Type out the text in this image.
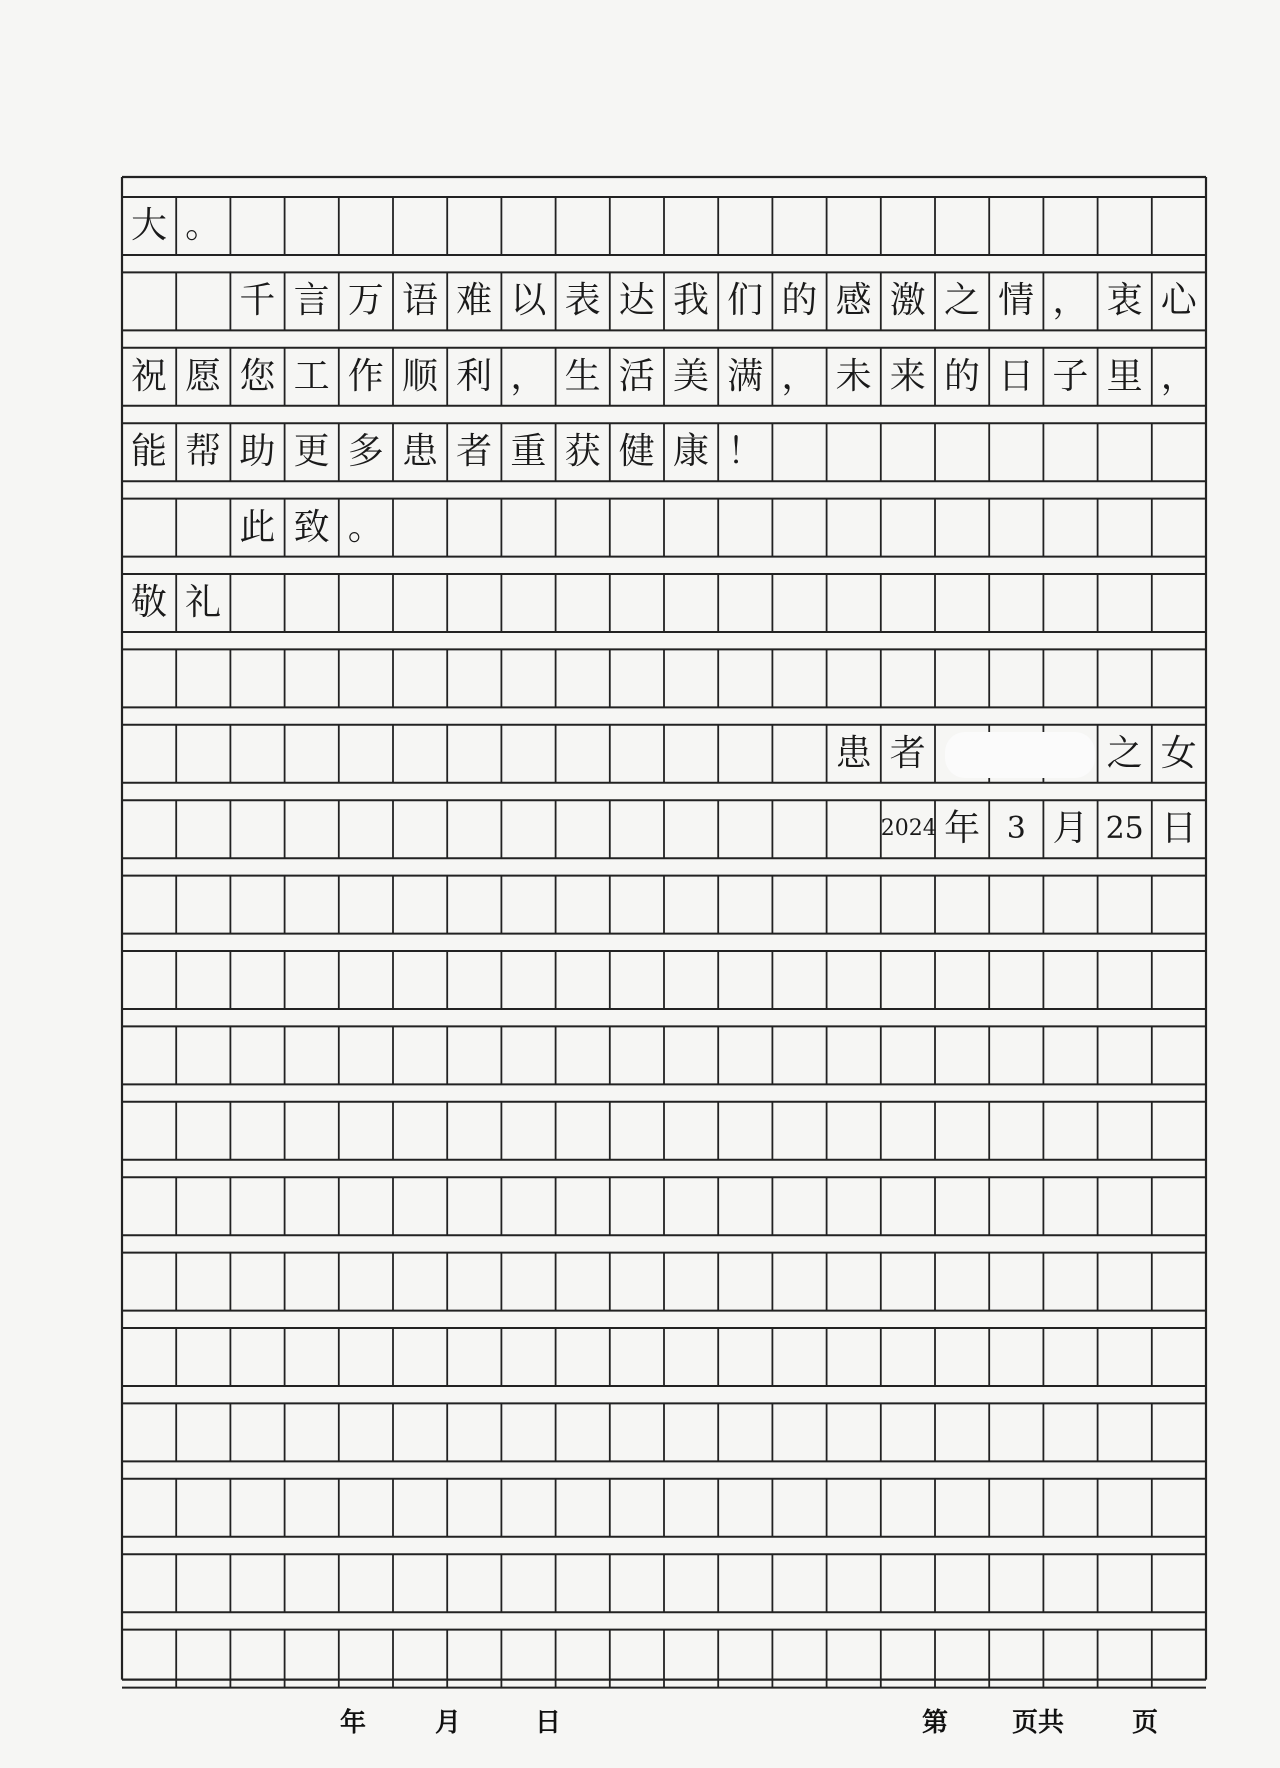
大 。
千 言 万 语 难 以 表 达 我 们 的 感 激 之 情 ， 衷 心
祝 愿 您 工 作 顺 利 ， 生 活 美 满 ， 未 来 的 日 子 里 ，
能 帮 助 更 多 患 者 重 获 健 康 ！
此 致 。
敬 礼
患 者	之 女
2024 年 3 月 25 日
年	月	日	第 页共	页
